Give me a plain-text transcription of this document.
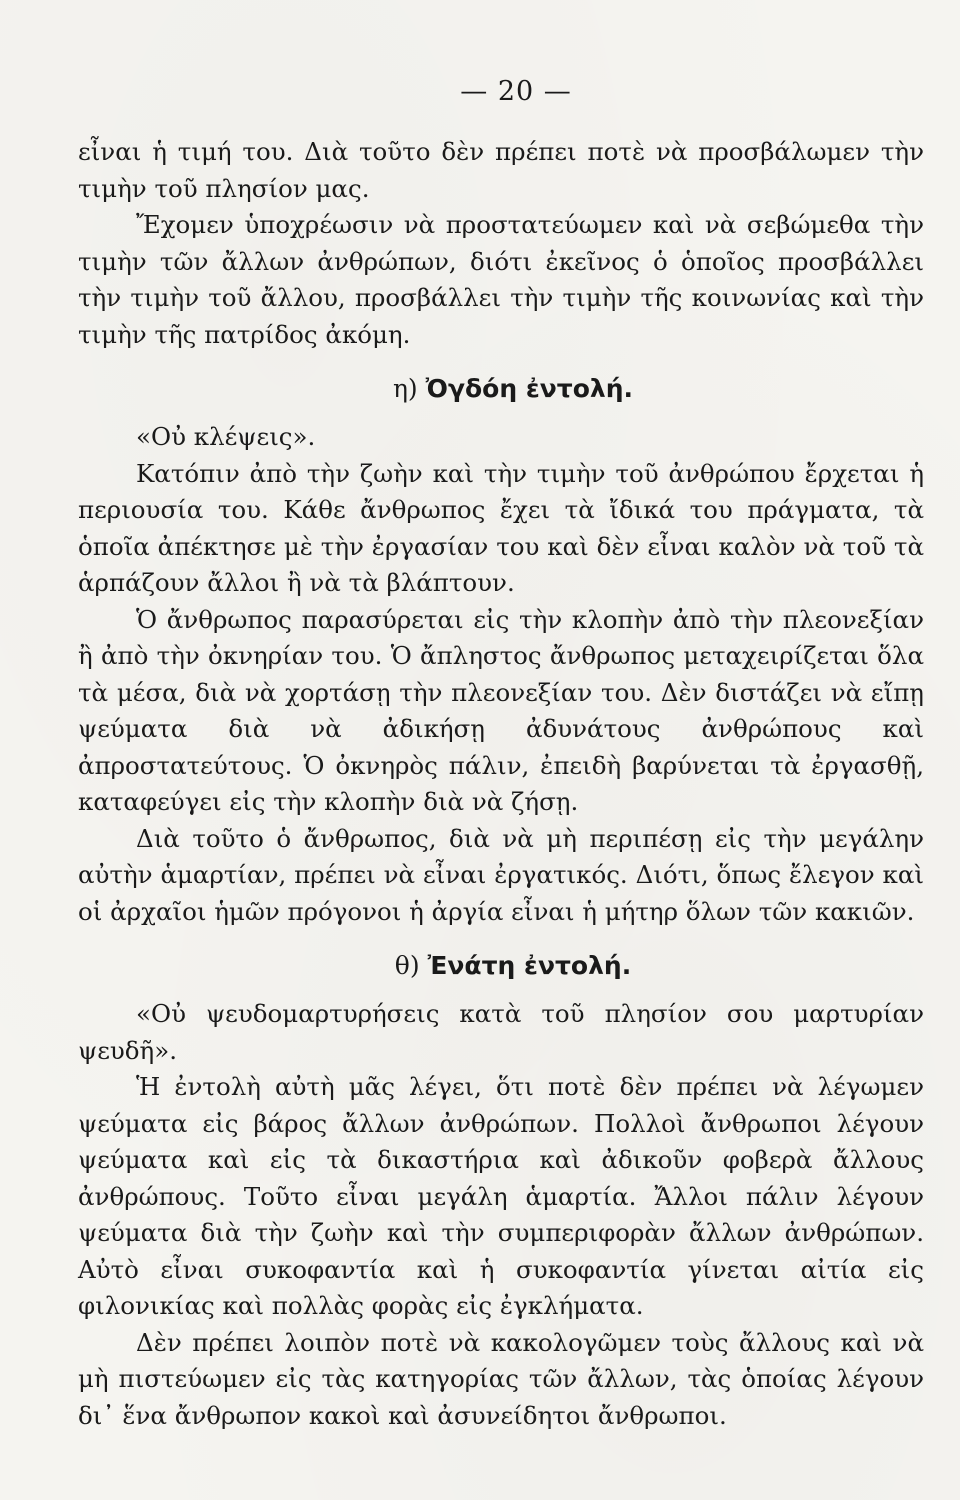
— 20 —

εἶναι ἡ τιμή του. Διὰ τοῦτο δὲν πρέπει ποτὲ νὰ προσβάλωμεν τὴν τιμὴν τοῦ πλησίον μας.

Ἔχομεν ὑποχρέωσιν νὰ προστατεύωμεν καὶ νὰ σεβώμεθα τὴν τιμὴν τῶν ἄλλων ἀνθρώπων, διότι ἐκεῖνος ὁ ὁποῖος προσβάλλει τὴν τιμὴν τοῦ ἄλλου, προσβάλλει τὴν τιμὴν τῆς κοινωνίας καὶ τὴν τιμὴν τῆς πατρίδος ἀκόμη.

η) Ὀγδόη ἐντολή.

«Οὐ κλέψεις».

Κατόπιν ἀπὸ τὴν ζωὴν καὶ τὴν τιμὴν τοῦ ἀνθρώπου ἔρχεται ἡ περιουσία του. Κάθε ἄνθρωπος ἔχει τὰ ἴδικά του πράγματα, τὰ ὁποῖα ἀπέκτησε μὲ τὴν ἐργασίαν του καὶ δὲν εἶναι καλὸν νὰ τοῦ τὰ ἁρπάζουν ἄλλοι ἢ νὰ τὰ βλάπτουν.

Ὁ ἄνθρωπος παρασύρεται εἰς τὴν κλοπὴν ἀπὸ τὴν πλεονεξίαν ἢ ἀπὸ τὴν ὀκνηρίαν του. Ὁ ἄπληστος ἄνθρωπος μεταχειρίζεται ὅλα τὰ μέσα, διὰ νὰ χορτάσῃ τὴν πλεονεξίαν του. Δὲν διστάζει νὰ εἴπῃ ψεύματα διὰ νὰ ἀδικήσῃ ἀδυνάτους ἀνθρώπους καὶ ἀπροστατεύτους. Ὁ ὀκνηρὸς πάλιν, ἐπειδὴ βαρύνεται τὰ ἐργασθῇ, καταφεύγει εἰς τὴν κλοπὴν διὰ νὰ ζήσῃ.

Διὰ τοῦτο ὁ ἄνθρωπος, διὰ νὰ μὴ περιπέσῃ εἰς τὴν μεγάλην αὐτὴν ἁμαρτίαν, πρέπει νὰ εἶναι ἐργατικός. Διότι, ὅπως ἔλεγον καὶ οἱ ἀρχαῖοι ἡμῶν πρόγονοι ἡ ἀργία εἶναι ἡ μήτηρ ὅλων τῶν κακιῶν.

θ) Ἐνάτη ἐντολή.

«Οὐ ψευδομαρτυρήσεις κατὰ τοῦ πλησίον σου μαρτυρίαν ψευδῆ».

Ἡ ἐντολὴ αὐτὴ μᾶς λέγει, ὅτι ποτὲ δὲν πρέπει νὰ λέγωμεν ψεύματα εἰς βάρος ἄλλων ἀνθρώπων. Πολλοὶ ἄνθρωποι λέγουν ψεύματα καὶ εἰς τὰ δικαστήρια καὶ ἀδικοῦν φοβερὰ ἄλλους ἀνθρώπους. Τοῦτο εἶναι μεγάλη ἁμαρτία. Ἄλλοι πάλιν λέγουν ψεύματα διὰ τὴν ζωὴν καὶ τὴν συμπεριφορὰν ἄλλων ἀνθρώπων. Αὐτὸ εἶναι συκοφαντία καὶ ἡ συκοφαντία γίνεται αἰτία εἰς φιλονικίας καὶ πολλὰς φορὰς εἰς ἐγκλήματα.

Δὲν πρέπει λοιπὸν ποτὲ νὰ κακολογῶμεν τοὺς ἄλλους καὶ νὰ μὴ πιστεύωμεν εἰς τὰς κατηγορίας τῶν ἄλλων, τὰς ὁποίας λέγουν δι᾿ ἕνα ἄνθρωπον κακοὶ καὶ ἀσυνείδητοι ἄνθρωποι.
